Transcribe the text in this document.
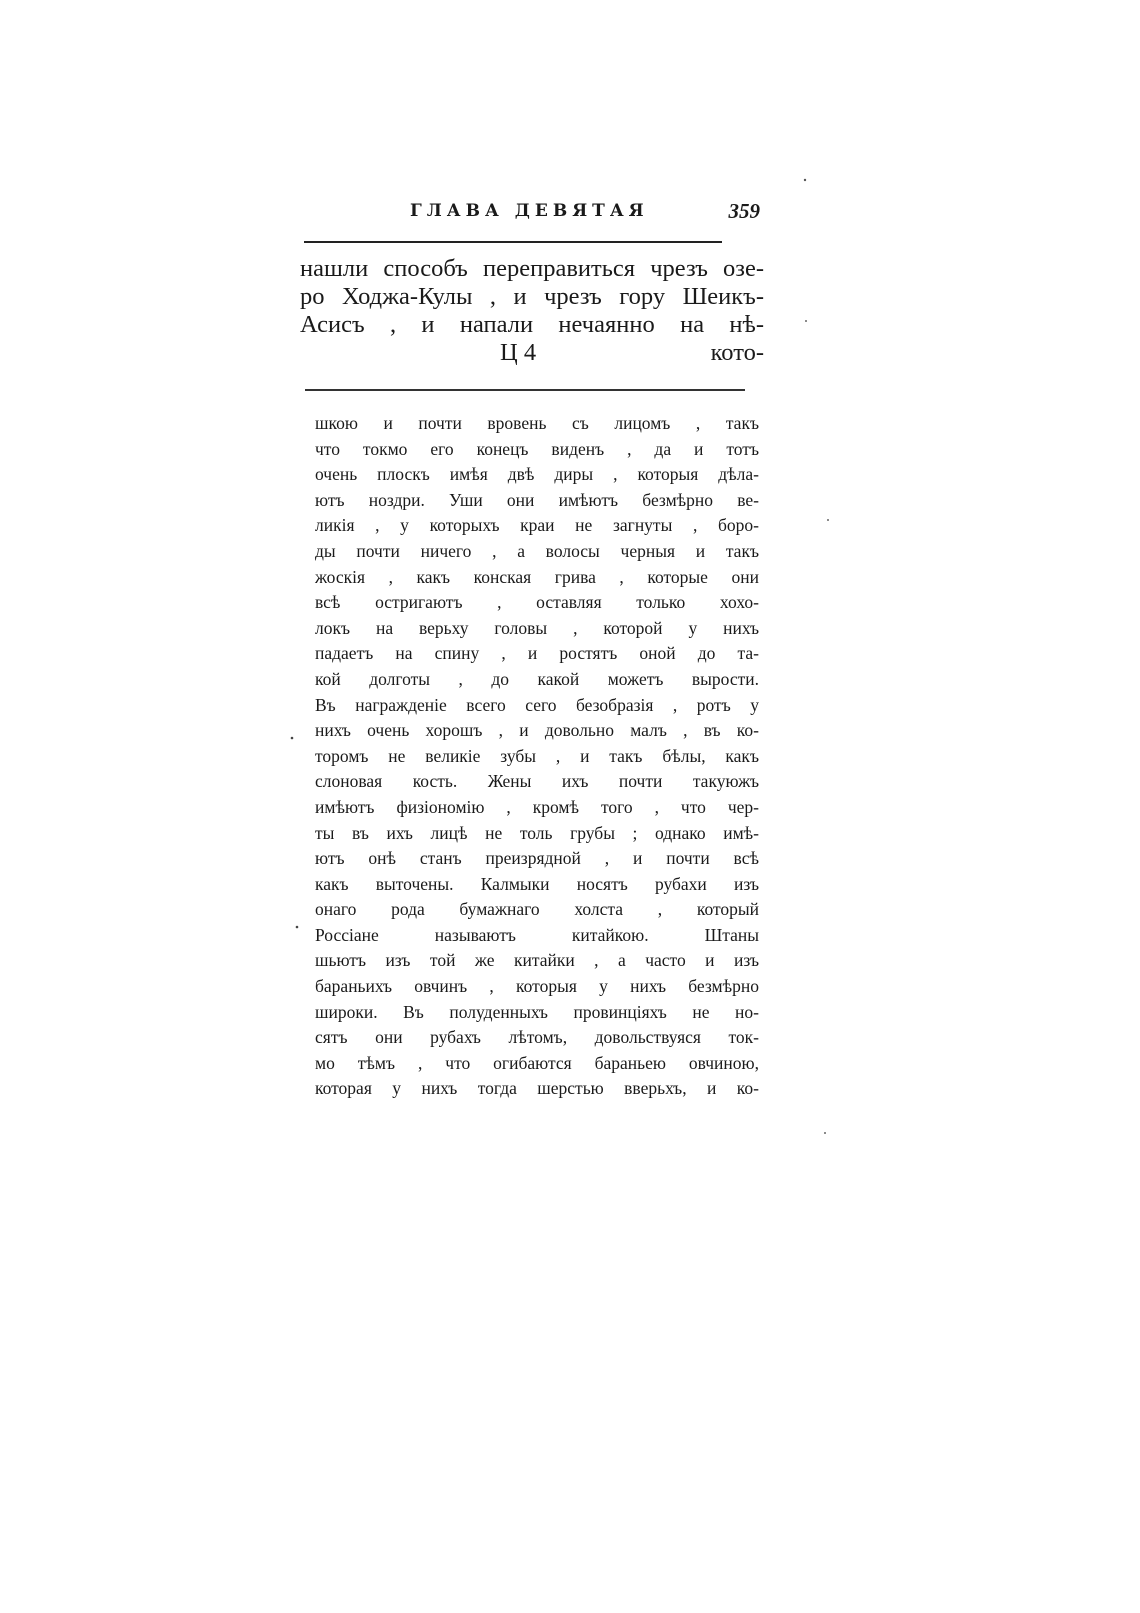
ГЛАВА ДЕВЯТАЯ	359
нашли способъ переправиться чрезъ озе-
ро Ходжа-Кулы , и чрезъ гору Шеикъ-
Асисъ , и напали нечаянно на нѣ-
Ц 4	кото-
шкою и почти вровень съ лицомъ , такъ
что токмо его конецъ виденъ , да и тотъ
очень плоскъ имѣя двѣ диры , которыя дѣла-
ютъ ноздри. Уши они имѣютъ безмѣрно ве-
ликія , у которыхъ краи не загнуты , боро-
ды почти ничего , а волосы черныя и такъ
жоскія , какъ конская грива , которые они
всѣ остригаютъ , оставляя только хохо-
локъ на верьху головы , которой у нихъ
падаетъ на спину , и ростятъ оной до та-
кой долготы , до какой можетъ вырости.
Въ награжденіе всего сего безобразія , ротъ у
нихъ очень хорошъ , и довольно малъ , въ ко-
торомъ не великіе зубы , и такъ бѣлы, какъ
слоновая кость. Жены ихъ почти такуюжъ
имѣютъ физіономію , кромѣ того , что чер-
ты въ ихъ лицѣ не толь грубы ; однако имѣ-
ютъ онѣ станъ преизрядной , и почти всѣ
какъ выточены. Калмыки носятъ рубахи изъ
онаго рода бумажнаго холста , который
Россіане называютъ китайкою. Штаны
шьютъ изъ той же китайки , а часто и изъ
бараньихъ овчинъ , которыя у нихъ безмѣрно
широки. Въ полуденныхъ провинціяхъ не но-
сятъ они рубахъ лѣтомъ, довольствуяся ток-
мо тѣмъ , что огибаются бараньею овчиною,
которая у нихъ тогда шерстью вверьхъ, и ко-
